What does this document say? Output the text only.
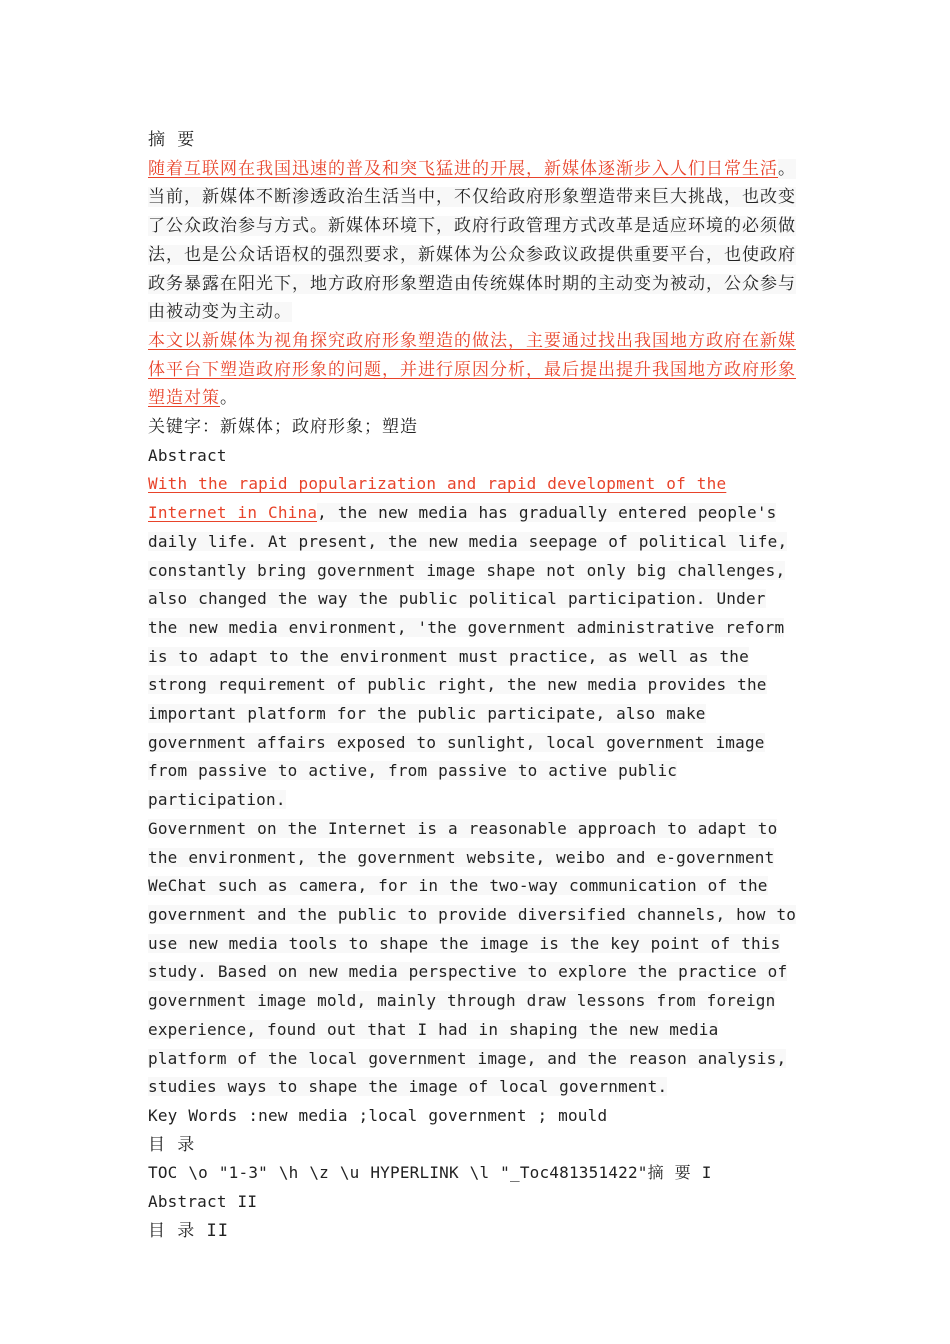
摘 要

随着互联网在我国迅速的普及和突飞猛进的开展，新媒体逐渐步入人们日常生活。当前，新媒体不断渗透政治生活当中，不仅给政府形象塑造带来巨大挑战，也改变了公众政治参与方式。新媒体环境下，政府行政管理方式改革是适应环境的必须做法，也是公众话语权的强烈要求，新媒体为公众参政议政提供重要平台，也使政府政务暴露在阳光下，地方政府形象塑造由传统媒体时期的主动变为被动，公众参与由被动变为主动。

本文以新媒体为视角探究政府形象塑造的做法，主要通过找出我国地方政府在新媒体平台下塑造政府形象的问题，并进行原因分析，最后提出提升我国地方政府形象塑造对策。

关键字：新媒体；政府形象；塑造

Abstract

With the rapid popularization and rapid development of the Internet in China, the new media has gradually entered people's daily life. At present, the new media seepage of political life, constantly bring government image shape not only big challenges, also changed the way the public political participation. Under the new media environment, 'the government administrative reform is to adapt to the environment must practice, as well as the strong requirement of public right, the new media provides the important platform for the public participate, also make government affairs exposed to sunlight, local government image from passive to active, from passive to active public participation.

Government on the Internet is a reasonable approach to adapt to the environment, the government website, weibo and e-government WeChat such as camera, for in the two-way communication of the government and the public to provide diversified channels, how to use new media tools to shape the image is the key point of this study. Based on new media perspective to explore the practice of government image mold, mainly through draw lessons from foreign experience, found out that I had in shaping the new media platform of the local government image, and the reason analysis, studies ways to shape the image of local government.

Key Words :new media ;local government ; mould

目 录

TOC \o "1-3" \h \z \u HYPERLINK \l "_Toc481351422"摘 要 I

Abstract II

目 录 II
